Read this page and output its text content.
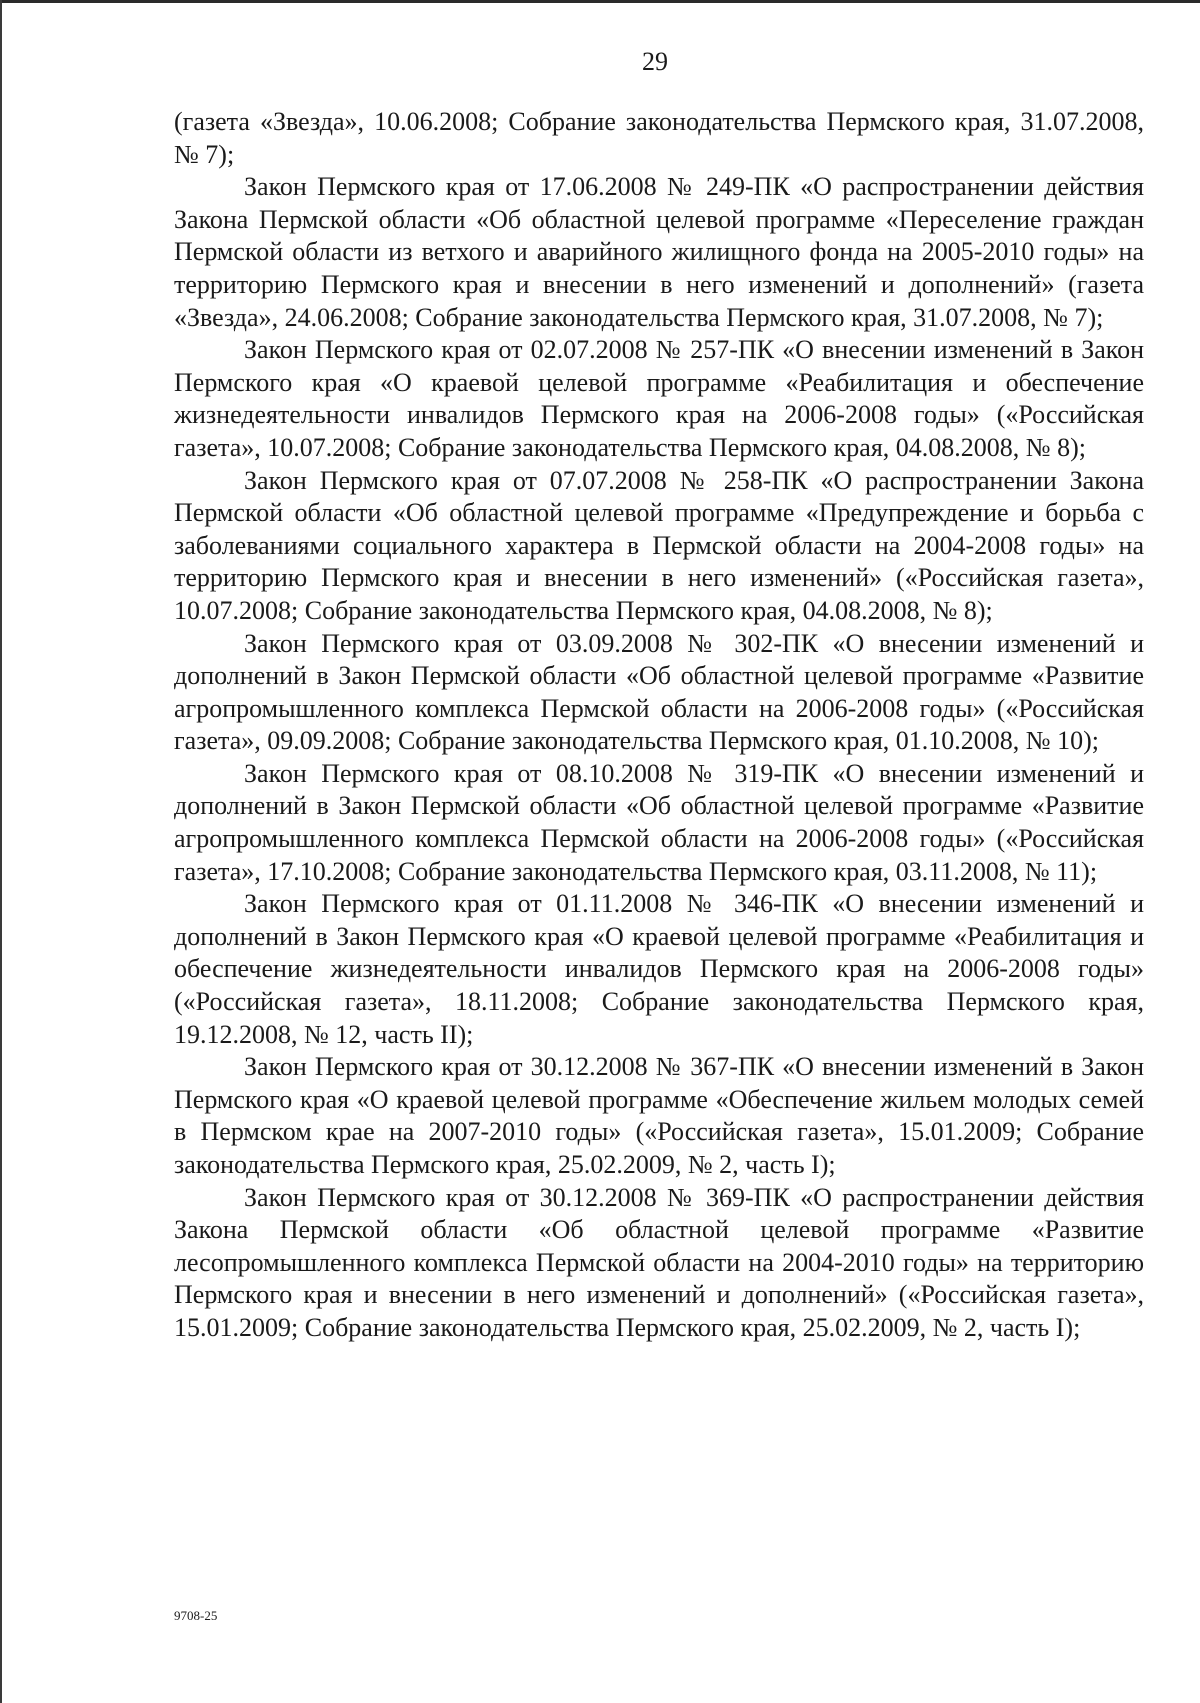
29

(газета «Звезда», 10.06.2008; Собрание законодательства Пермского края, 31.07.2008, № 7);

Закон Пермского края от 17.06.2008 № 249-ПК «О распространении действия Закона Пермской области «Об областной целевой программе «Переселение граждан Пермской области из ветхого и аварийного жилищного фонда на 2005-2010 годы» на территорию Пермского края и внесении в него изменений и дополнений» (газета «Звезда», 24.06.2008; Собрание законодательства Пермского края, 31.07.2008, № 7);

Закон Пермского края от 02.07.2008 № 257-ПК «О внесении изменений в Закон Пермского края «О краевой целевой программе «Реабилитация и обеспечение жизнедеятельности инвалидов Пермского края на 2006-2008 годы» («Российская газета», 10.07.2008; Собрание законодательства Пермского края, 04.08.2008, № 8);

Закон Пермского края от 07.07.2008 № 258-ПК «О распространении Закона Пермской области «Об областной целевой программе «Предупреждение и борьба с заболеваниями социального характера в Пермской области на 2004-2008 годы» на территорию Пермского края и внесении в него изменений» («Российская газета», 10.07.2008; Собрание законодательства Пермского края, 04.08.2008, № 8);

Закон Пермского края от 03.09.2008 № 302-ПК «О внесении изменений и дополнений в Закон Пермской области «Об областной целевой программе «Развитие агропромышленного комплекса Пермской области на 2006-2008 годы» («Российская газета», 09.09.2008; Собрание законодательства Пермского края, 01.10.2008, № 10);

Закон Пермского края от 08.10.2008 № 319-ПК «О внесении изменений и дополнений в Закон Пермской области «Об областной целевой программе «Развитие агропромышленного комплекса Пермской области на 2006-2008 годы» («Российская газета», 17.10.2008; Собрание законодательства Пермского края, 03.11.2008, № 11);

Закон Пермского края от 01.11.2008 № 346-ПК «О внесении изменений и дополнений в Закон Пермского края «О краевой целевой программе «Реабилитация и обеспечение жизнедеятельности инвалидов Пермского края на 2006-2008 годы» («Российская газета», 18.11.2008; Собрание законодательства Пермского края, 19.12.2008, № 12, часть II);

Закон Пермского края от 30.12.2008 № 367-ПК «О внесении изменений в Закон Пермского края «О краевой целевой программе «Обеспечение жильем молодых семей в Пермском крае на 2007-2010 годы» («Российская газета», 15.01.2009; Собрание законодательства Пермского края, 25.02.2009, № 2, часть I);

Закон Пермского края от 30.12.2008 № 369-ПК «О распространении действия Закона Пермской области «Об областной целевой программе «Развитие лесопромышленного комплекса Пермской области на 2004-2010 годы» на территорию Пермского края и внесении в него изменений и дополнений» («Российская газета», 15.01.2009; Собрание законодательства Пермского края, 25.02.2009, № 2, часть I);

9708-25
